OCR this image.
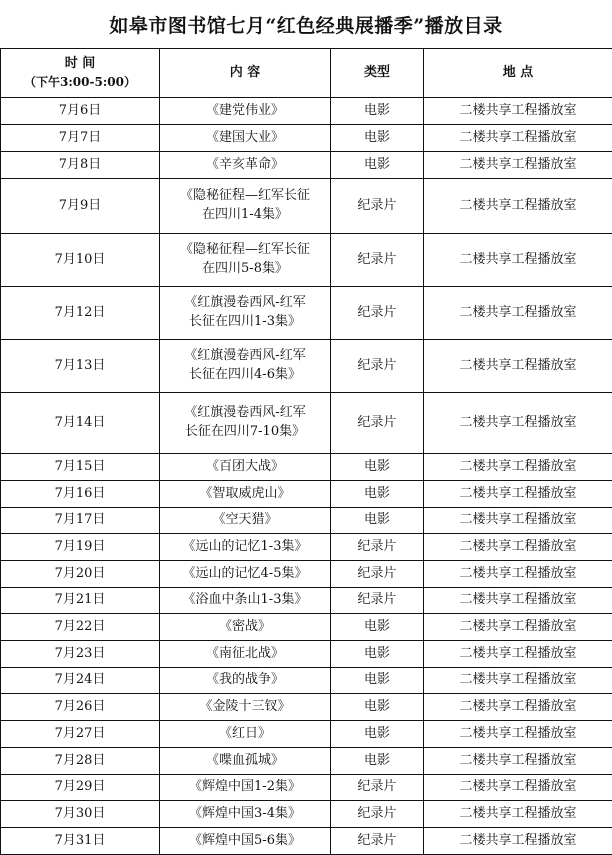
如皋市图书馆七月“红色经典展播季”播放目录
时 间
（下午3:00-5:00）	内 容	类型	地 点
7月6日	《建党伟业》	电影	二楼共享工程播放室
7月7日	《建国大业》	电影	二楼共享工程播放室
7月8日	《辛亥革命》	电影	二楼共享工程播放室
7月9日	《隐秘征程—红军长征
在四川1-4集》	纪录片	二楼共享工程播放室
7月10日	《隐秘征程—红军长征
在四川5-8集》	纪录片	二楼共享工程播放室
7月12日	《红旗漫卷西风-红军
长征在四川1-3集》	纪录片	二楼共享工程播放室
7月13日	《红旗漫卷西风-红军
长征在四川4-6集》	纪录片	二楼共享工程播放室
7月14日	《红旗漫卷西风-红军
长征在四川7-10集》	纪录片	二楼共享工程播放室
7月15日	《百团大战》	电影	二楼共享工程播放室
7月16日	《智取威虎山》	电影	二楼共享工程播放室
7月17日	《空天猎》	电影	二楼共享工程播放室
7月19日	《远山的记忆1-3集》	纪录片	二楼共享工程播放室
7月20日	《远山的记忆4-5集》	纪录片	二楼共享工程播放室
7月21日	《浴血中条山1-3集》	纪录片	二楼共享工程播放室
7月22日	《密战》	电影	二楼共享工程播放室
7月23日	《南征北战》	电影	二楼共享工程播放室
7月24日	《我的战争》	电影	二楼共享工程播放室
7月26日	《金陵十三钗》	电影	二楼共享工程播放室
7月27日	《红日》	电影	二楼共享工程播放室
7月28日	《喋血孤城》	电影	二楼共享工程播放室
7月29日	《辉煌中国1-2集》	纪录片	二楼共享工程播放室
7月30日	《辉煌中国3-4集》	纪录片	二楼共享工程播放室
7月31日	《辉煌中国5-6集》	纪录片	二楼共享工程播放室
